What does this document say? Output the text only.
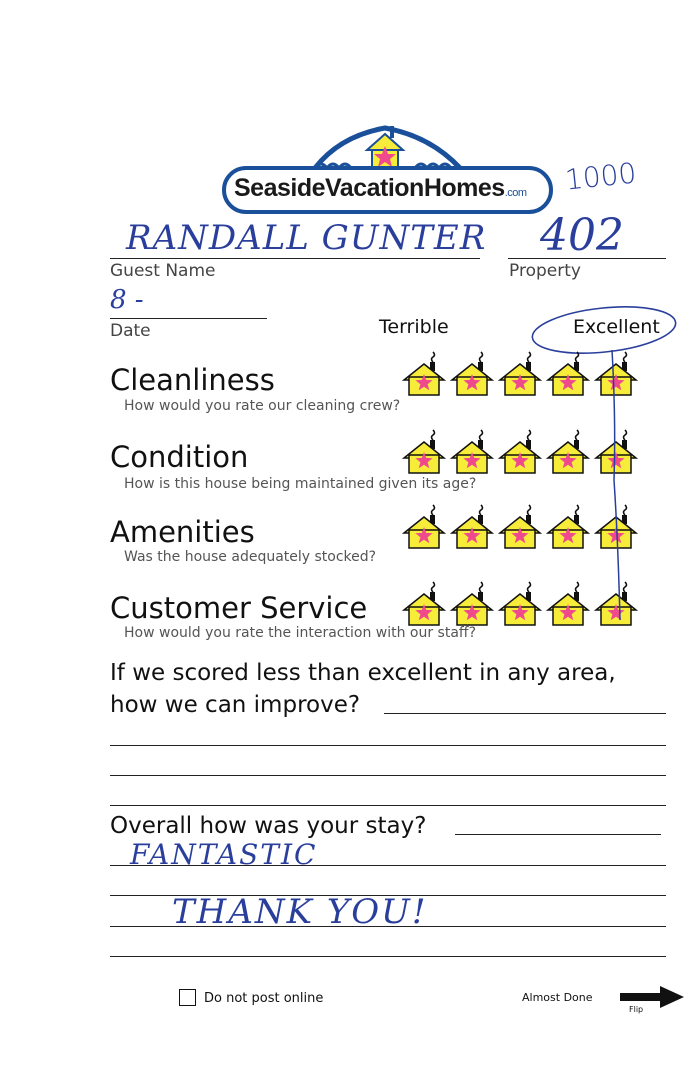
SeasideVacationHomes.com 1000
RANDALL GUNTER
Guest Name
402
Property
8 -
Date	Terrible	Excellent
Cleanliness
How would you rate our cleaning crew?
Condition
How is this house being maintained given its age?
Amenities
Was the house adequately stocked?
Customer Service
How would you rate the interaction with our staff?
If we scored less than excellent in any area,
how we can improve?
Overall how was your stay?
FANTASTIC
THANK YOU!
Do not post online	Almost Done
Flip
